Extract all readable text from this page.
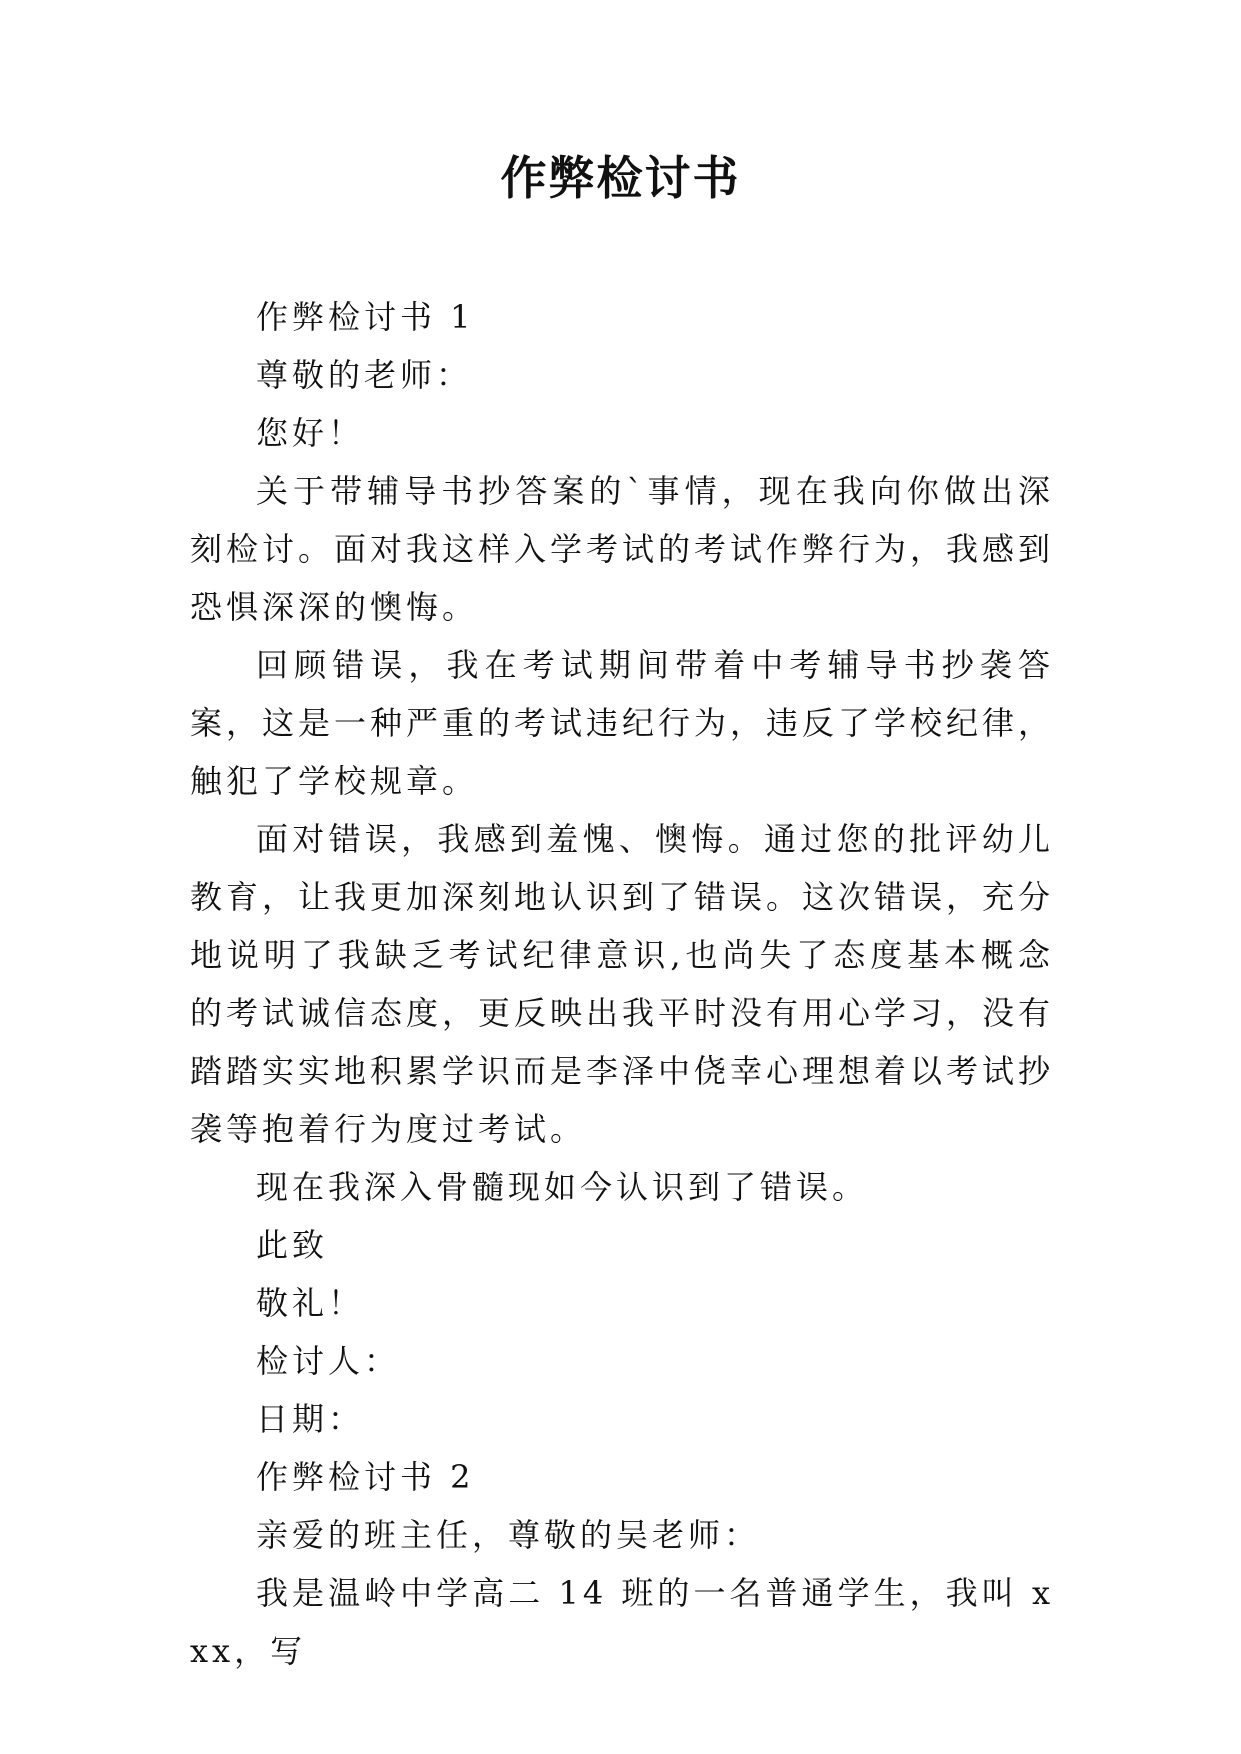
作弊检讨书

作弊检讨书 1

尊敬的老师：

您好！

关于带辅导书抄答案的`事情，现在我向你做出深刻检讨。面对我这样入学考试的考试作弊行为，我感到恐惧深深的懊悔。

回顾错误，我在考试期间带着中考辅导书抄袭答案，这是一种严重的考试违纪行为，违反了学校纪律，触犯了学校规章。

面对错误，我感到羞愧、懊悔。通过您的批评幼儿教育，让我更加深刻地认识到了错误。这次错误，充分地说明了我缺乏考试纪律意识,也尚失了态度基本概念的考试诚信态度，更反映出我平时没有用心学习，没有踏踏实实地积累学识而是李泽中侥幸心理想着以考试抄袭等抱着行为度过考试。

现在我深入骨髓现如今认识到了错误。

此致

敬礼！

检讨人：

日期：

作弊检讨书 2

亲爱的班主任，尊敬的吴老师：

我是温岭中学高二 14 班的一名普通学生，我叫 xxx，写
